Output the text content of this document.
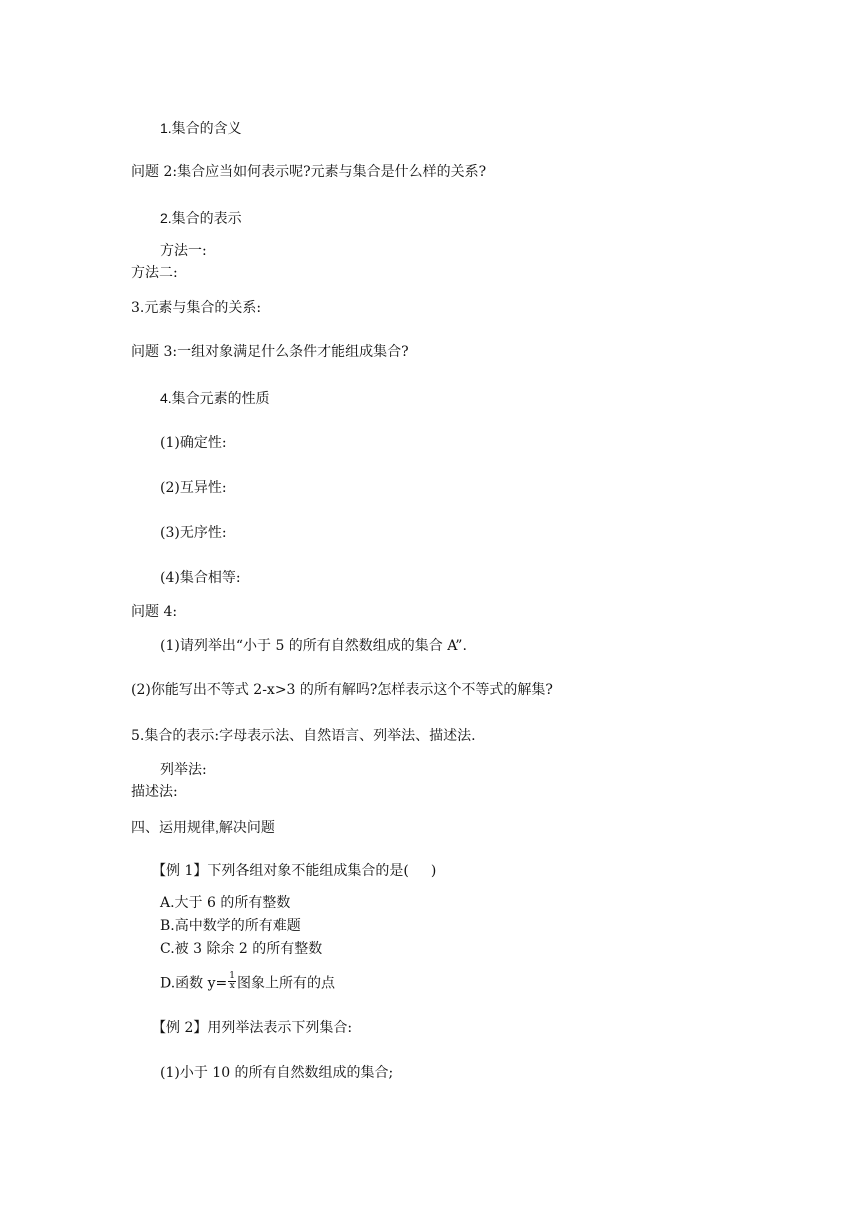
1.集合的含义
问题 2:集合应当如何表示呢?元素与集合是什么样的关系?
2.集合的表示
方法一:
方法二:
3.元素与集合的关系:
问题 3:一组对象满足什么条件才能组成集合?
4.集合元素的性质
(1)确定性:
(2)互异性:
(3)无序性:
(4)集合相等:
问题 4:
(1)请列举出“小于 5 的所有自然数组成的集合 A”.
(2)你能写出不等式 2-x>3 的所有解吗?怎样表示这个不等式的解集?
5.集合的表示:字母表示法、自然语言、列举法、描述法.
列举法:
描述法:
四、运用规律,解决问题
【例 1】下列各组对象不能组成集合的是( )
A.大于 6 的所有整数
B.高中数学的所有难题
C.被 3 除余 2 的所有整数
D.函数 $y= \frac{1}{x}$ 图象上所有的点
【例 2】用列举法表示下列集合:
(1)小于 10 的所有自然数组成的集合;
